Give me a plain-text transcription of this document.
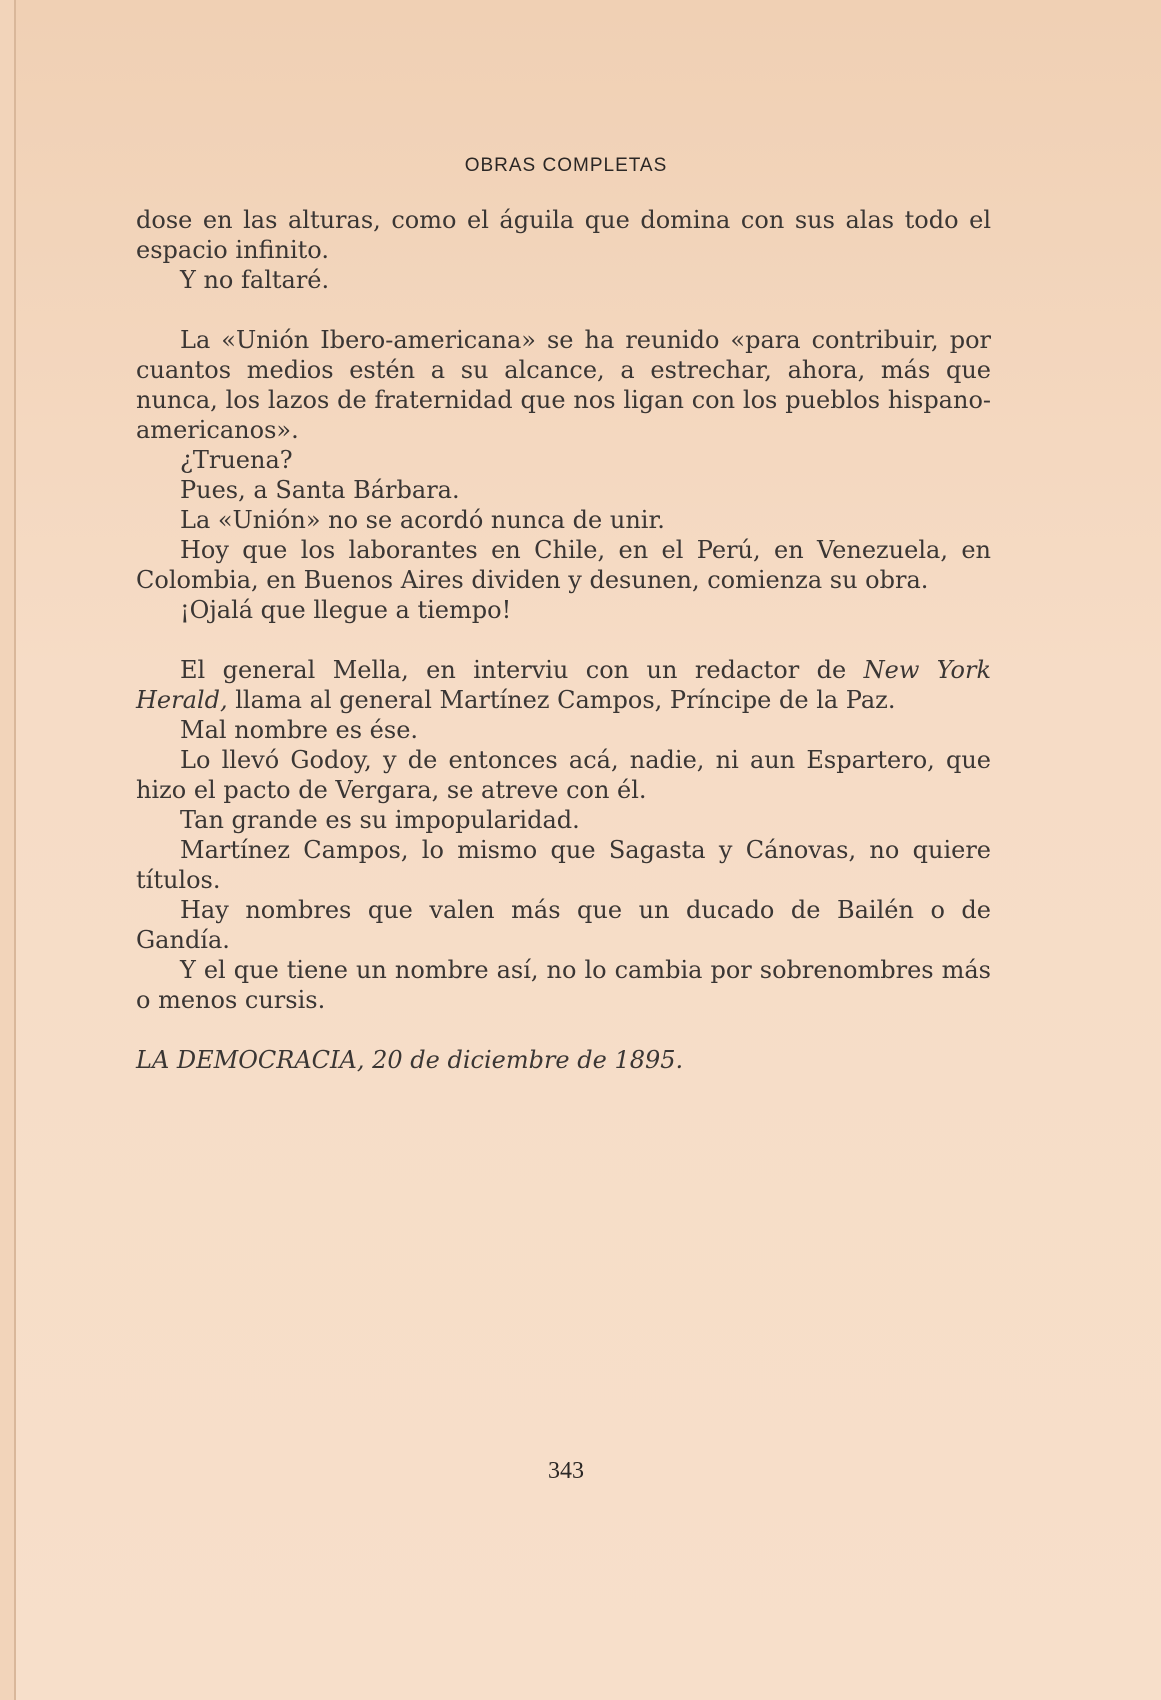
OBRAS COMPLETAS

dose en las alturas, como el águila que domina con sus alas todo el espacio infinito.

Y no faltaré.

La «Unión Ibero-americana» se ha reunido «para contribuir, por cuantos medios estén a su alcance, a estrechar, ahora, más que nunca, los lazos de fraternidad que nos ligan con los pueblos hispano-americanos».

¿Truena?

Pues, a Santa Bárbara.

La «Unión» no se acordó nunca de unir.

Hoy que los laborantes en Chile, en el Perú, en Venezuela, en Colombia, en Buenos Aires dividen y desunen, comienza su obra.

¡Ojalá que llegue a tiempo!

El general Mella, en interviu con un redactor de New York Herald, llama al general Martínez Campos, Príncipe de la Paz.

Mal nombre es ése.

Lo llevó Godoy, y de entonces acá, nadie, ni aun Espartero, que hizo el pacto de Vergara, se atreve con él.

Tan grande es su impopularidad.

Martínez Campos, lo mismo que Sagasta y Cánovas, no quiere títulos.

Hay nombres que valen más que un ducado de Bailén o de Gandía.

Y el que tiene un nombre así, no lo cambia por sobrenombres más o menos cursis.

LA DEMOCRACIA, 20 de diciembre de 1895.

343
